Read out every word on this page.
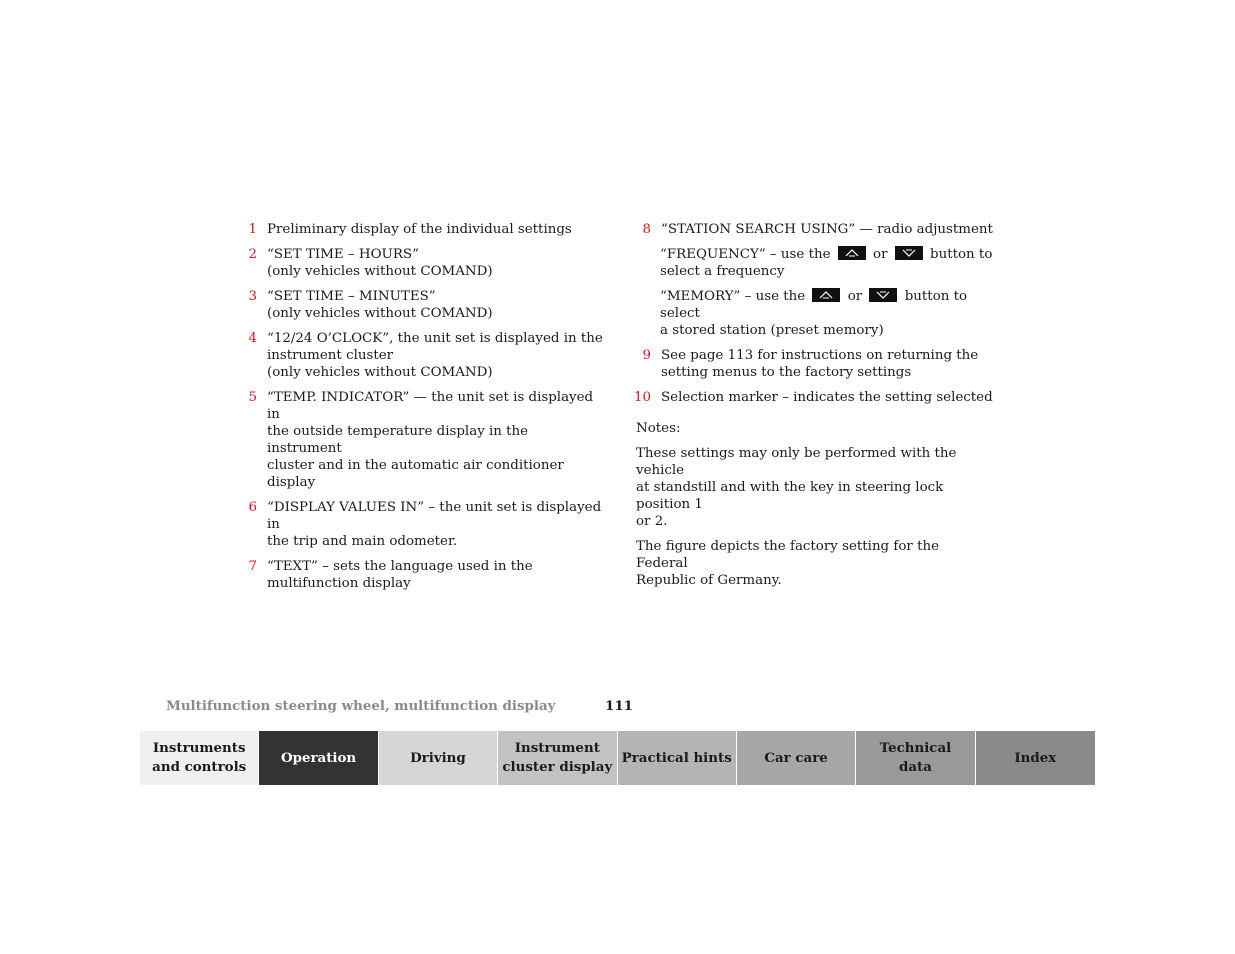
1 Preliminary display of the individual settings
2 “SET TIME – HOURS”
(only vehicles without COMAND)
3 “SET TIME – MINUTES”
(only vehicles without COMAND)
4 “12/24 O’CLOCK”, the unit set is displayed in the
instrument cluster
(only vehicles without COMAND)
5 “TEMP. INDICATOR” — the unit set is displayed in
the outside temperature display in the instrument
cluster and in the automatic air conditioner display
6 “DISPLAY VALUES IN” – the unit set is displayed in
the trip and main odometer.
7 “TEXT” – sets the language used in the
multifunction display
8 “STATION SEARCH USING” — radio adjustment
“FREQUENCY” – use the	or	button to
select a frequency
“MEMORY” – use the	or	button to select
a stored station (preset memory)
9 See page 113 for instructions on returning the
setting menus to the factory settings
10 Selection marker – indicates the setting selected
Notes:
These settings may only be performed with the vehicle
at standstill and with the key in steering lock position 1
or 2.
The figure depicts the factory setting for the Federal
Republic of Germany.
Multifunction steering wheel, multifunction display	111
Instruments
and controls
Operation	Driving
Instrument
cluster display
Practical hints	Car care
Technical
data
Index
